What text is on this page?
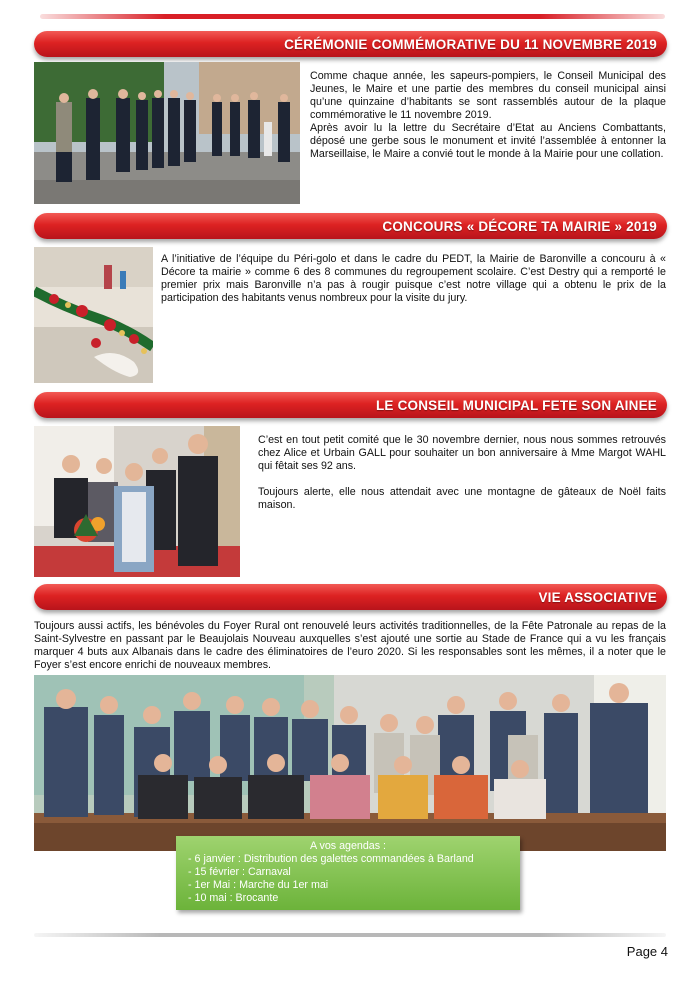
CÉRÉMONIE COMMÉMORATIVE DU 11 NOVEMBRE 2019

Comme chaque année, les sapeurs-pompiers, le Conseil Municipal des Jeunes, le Maire et une partie des membres du conseil municipal ainsi qu’une quinzaine d’habitants se sont rassemblés autour de la plaque commémorative le 11 novembre 2019.

Après avoir lu la lettre du Secrétaire d’Etat au Anciens Combattants, déposé une gerbe sous le monument et invité l’assemblée à entonner la Marseillaise, le Maire a convié tout le monde à la Mairie pour une collation.

CONCOURS « DÉCORE TA MAIRIE » 2019

A l’initiative de l’équipe du Péri-golo et dans le cadre du PEDT, la Mairie de Baronville a concouru à « Décore ta mairie » comme 6 des 8 communes du regroupement scolaire. C’est Destry qui a remporté le premier prix mais Baronville n’a pas à rougir puisque c’est notre village qui a obtenu le prix de la participation des habitants venus nombreux pour la visite du jury.

LE CONSEIL MUNICIPAL FETE SON AINEE

C’est en tout petit comité que le 30 novembre dernier, nous nous sommes retrouvés chez Alice et Urbain GALL pour souhaiter un bon anniversaire à Mme Margot WAHL qui fêtait ses 92 ans.

Toujours alerte, elle nous attendait avec une montagne de gâteaux de Noël faits maison.

VIE ASSOCIATIVE

Toujours aussi actifs, les bénévoles du Foyer Rural ont renouvelé leurs activités traditionnelles, de la Fête Patronale au repas de la Saint-Sylvestre en passant par le Beaujolais Nouveau auxquelles s’est ajouté une sortie au Stade de France qui a vu les français marquer 4 buts aux Albanais dans le cadre des éliminatoires de l’euro 2020. Si les responsables sont les mêmes, il a noter que le Foyer s’est encore enrichi de nouveaux membres.

A vos agendas :
- 6 janvier : Distribution des galettes commandées à Barland
- 15 février : Carnaval
- 1er Mai : Marche du 1er mai
- 10 mai : Brocante
Page 4
